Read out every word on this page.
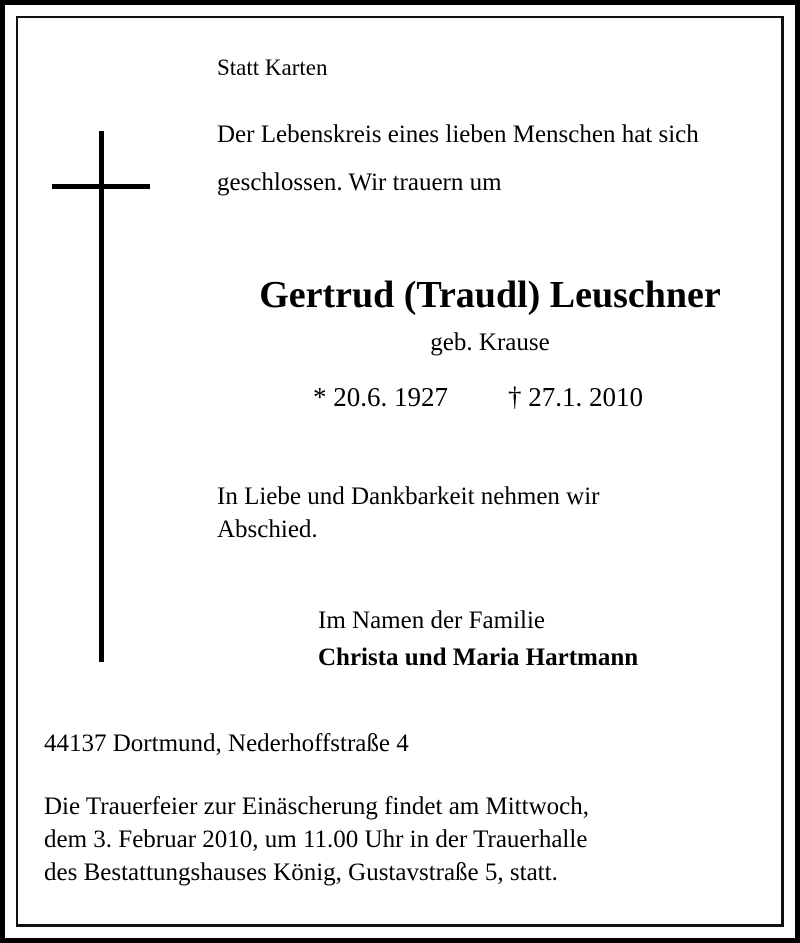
Statt Karten
Der Lebenskreis eines lieben Menschen hat sich
geschlossen. Wir trauern um
Gertrud (Traudl) Leuschner
geb. Krause
* 20.6. 1927 † 27.1. 2010
In Liebe und Dankbarkeit nehmen wir
Abschied.
Im Namen der Familie
Christa und Maria Hartmann
44137 Dortmund, Nederhoffstraße 4
Die Trauerfeier zur Einäscherung findet am Mittwoch,
dem 3. Februar 2010, um 11.00 Uhr in der Trauerhalle
des Bestattungshauses König, Gustavstraße 5, statt.
